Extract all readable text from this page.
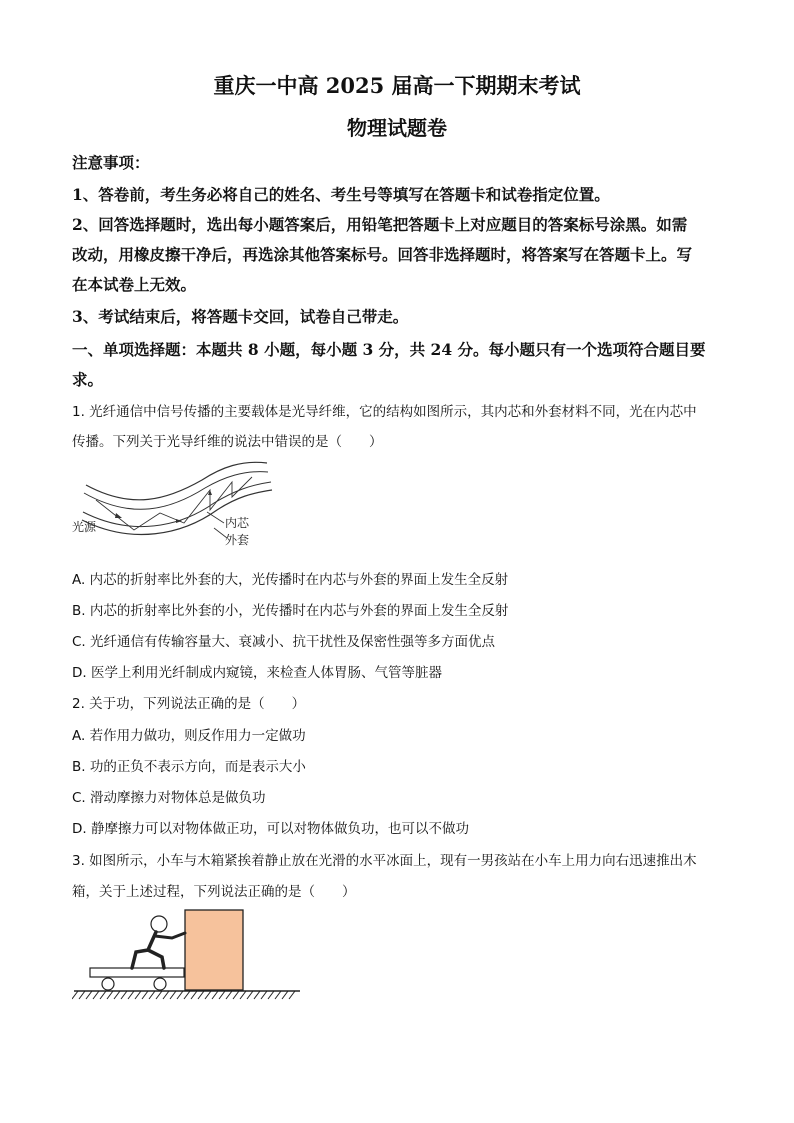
重庆一中高 2025 届高一下期期末考试
物理试题卷
注意事项：
1、答卷前，考生务必将自己的姓名、考生号等填写在答题卡和试卷指定位置。
2、回答选择题时，选出每小题答案后，用铅笔把答题卡上对应题目的答案标号涂黑。如需
改动，用橡皮擦干净后，再选涂其他答案标号。回答非选择题时，将答案写在答题卡上。写
在本试卷上无效。
3、考试结束后，将答题卡交回，试卷自己带走。
一、单项选择题：本题共 8 小题，每小题 3 分，共 24 分。每小题只有一个选项符合题目要
求。
1. 光纤通信中信号传播的主要载体是光导纤维，它的结构如图所示，其内芯和外套材料不同，光在内芯中
传播。下列关于光导纤维的说法中错误的是（　　）
光源	内芯
外套
A. 内芯的折射率比外套的大，光传播时在内芯与外套的界面上发生全反射
B. 内芯的折射率比外套的小，光传播时在内芯与外套的界面上发生全反射
C. 光纤通信有传输容量大、衰减小、抗干扰性及保密性强等多方面优点
D. 医学上利用光纤制成内窥镜，来检查人体胃肠、气管等脏器
2. 关于功，下列说法正确的是（　　）
A. 若作用力做功，则反作用力一定做功
B. 功的正负不表示方向，而是表示大小
C. 滑动摩擦力对物体总是做负功
D. 静摩擦力可以对物体做正功，可以对物体做负功，也可以不做功
3. 如图所示，小车与木箱紧挨着静止放在光滑的水平冰面上，现有一男孩站在小车上用力向右迅速推出木
箱，关于上述过程，下列说法正确的是（　　）
